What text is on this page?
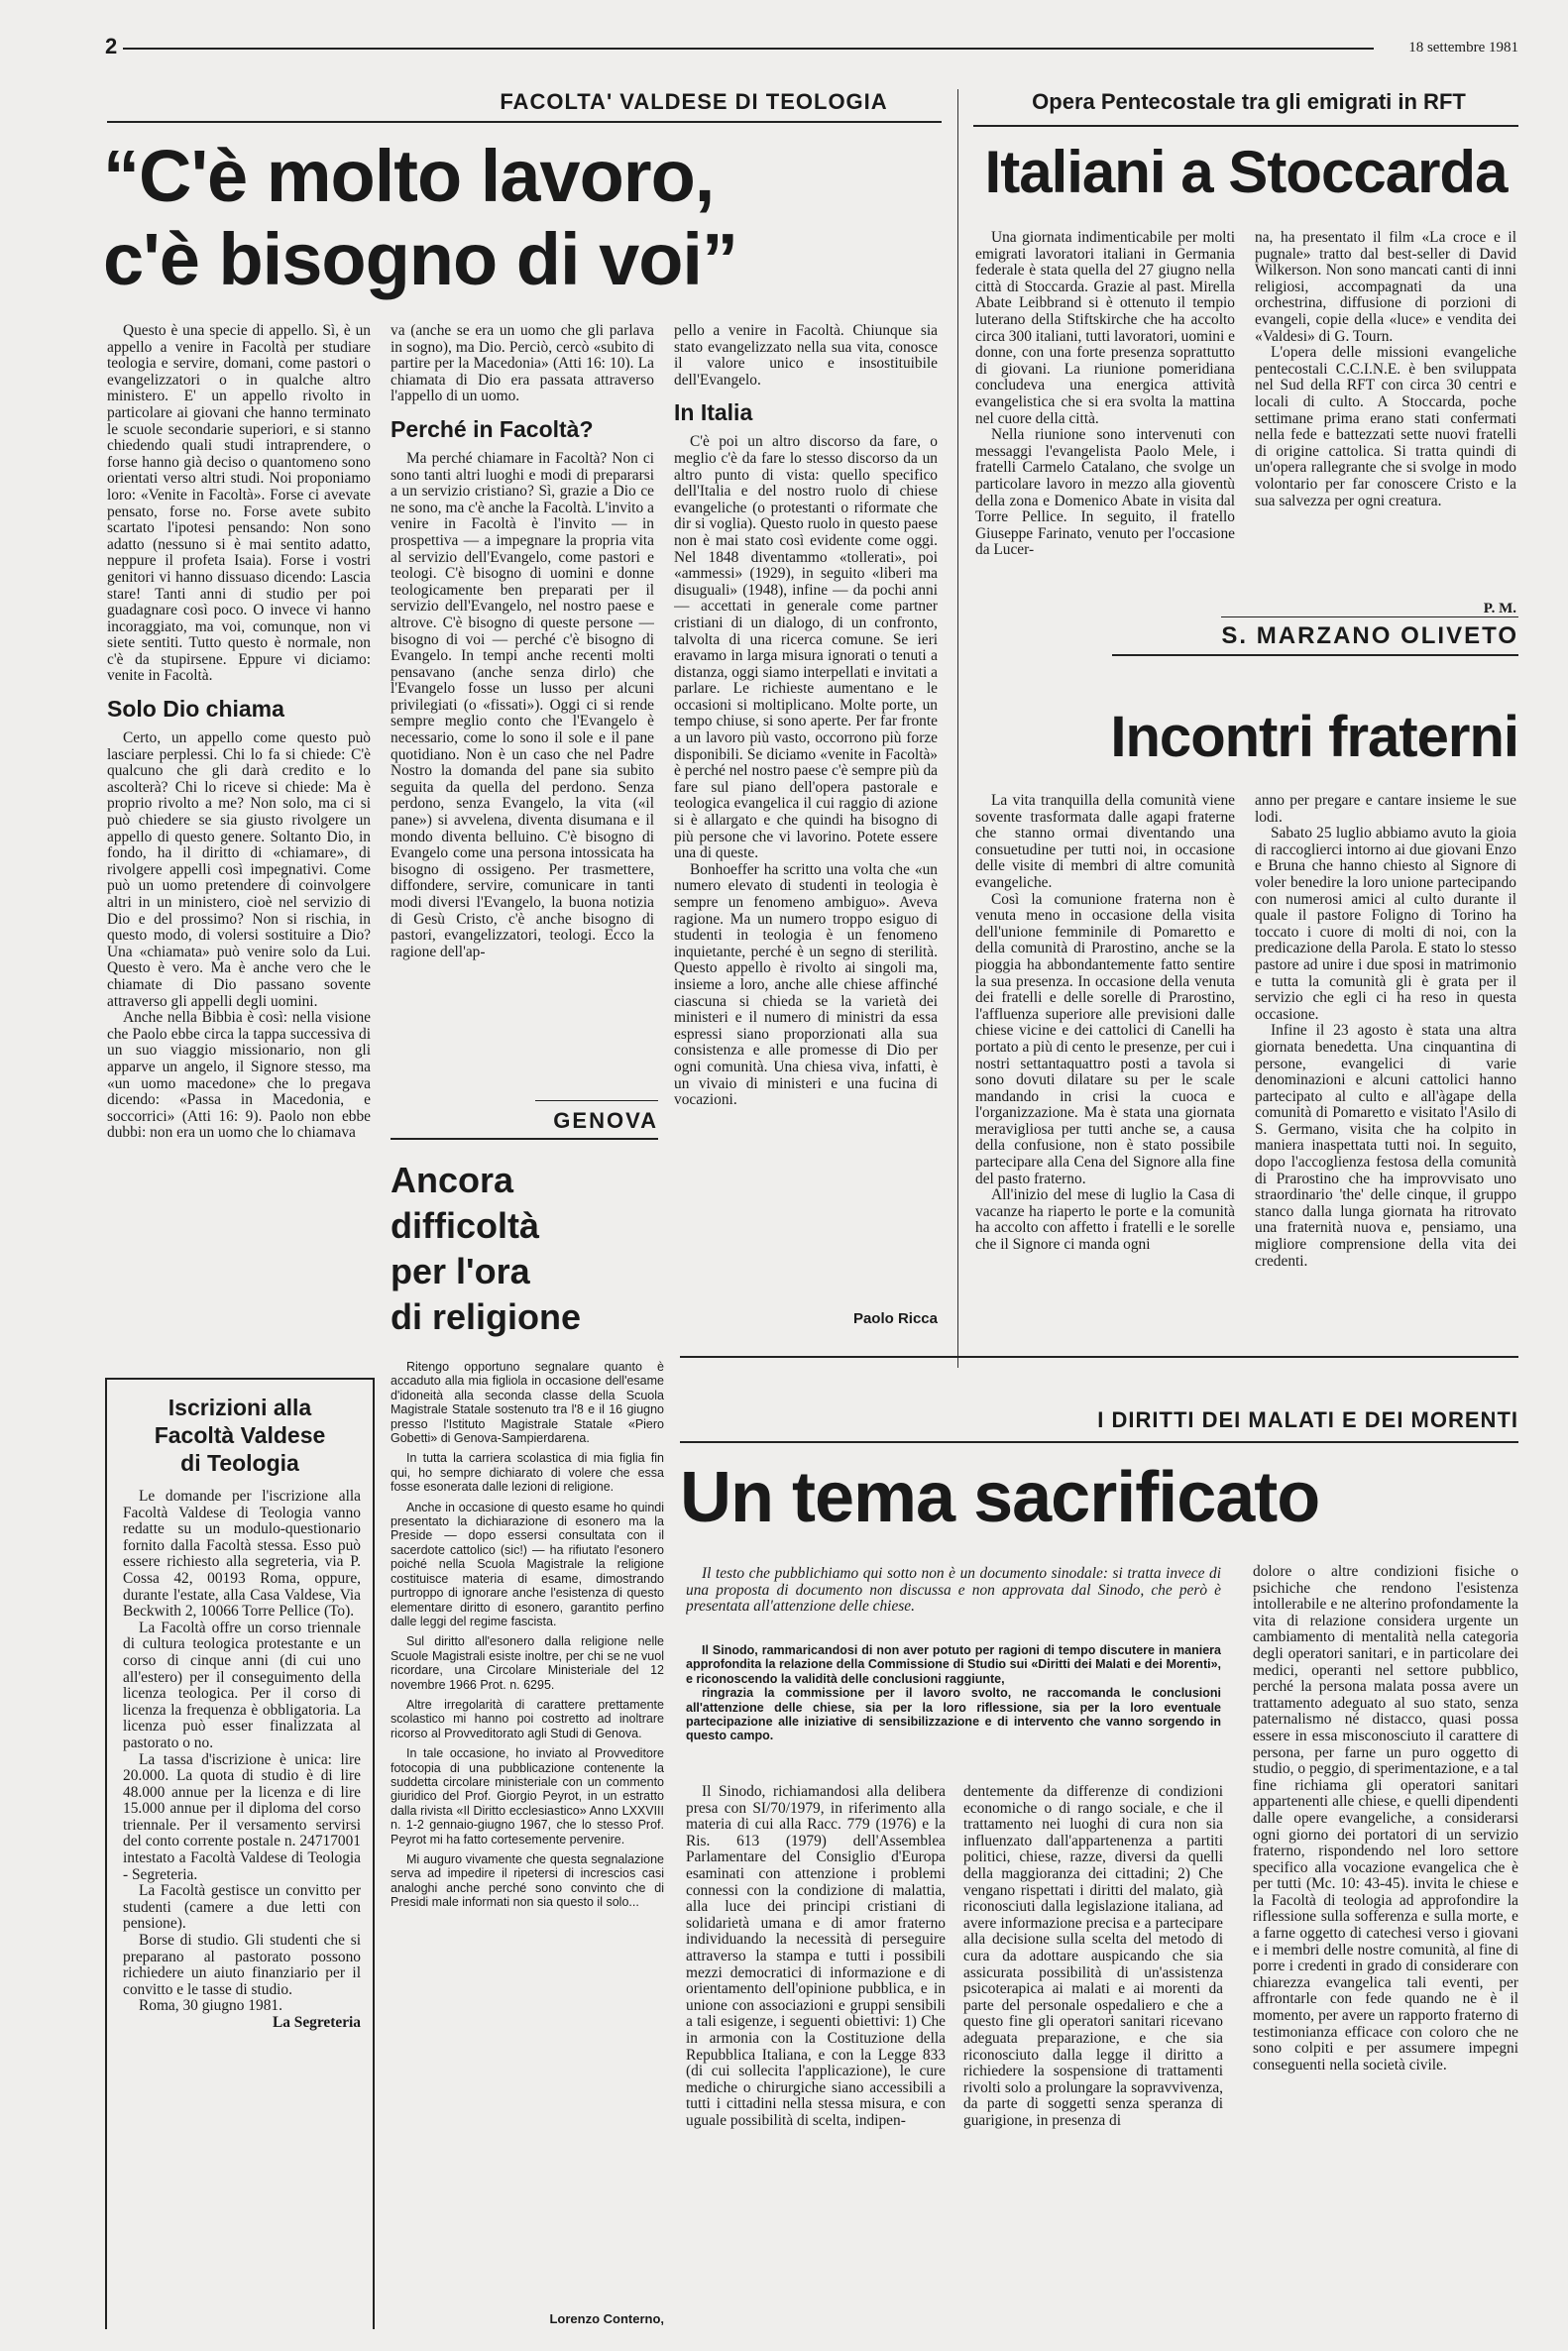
2	18 settembre 1981
FACOLTA' VALDESE DI TEOLOGIA
“C'è molto lavoro,
c'è bisogno di voi”

Questo è una specie di appello. Sì, è un appello a venire in Facoltà per studiare teologia e servire, domani, come pastori o evangelizzatori o in qualche altro ministero. E' un appello rivolto in particolare ai giovani che hanno terminato le scuole secondarie superiori, e si stanno chiedendo quali studi intraprendere, o forse hanno già deciso o quantomeno sono orientati verso altri studi. Noi proponiamo loro: «Venite in Facoltà». Forse ci avevate pensato, forse no. Forse avete subito scartato l'ipotesi pensando: Non sono adatto (nessuno si è mai sentito adatto, neppure il profeta Isaia). Forse i vostri genitori vi hanno dissuaso dicendo: Lascia stare! Tanti anni di studio per poi guadagnare così poco. O invece vi hanno incoraggiato, ma voi, comunque, non vi siete sentiti. Tutto questo è normale, non c'è da stupirsene. Eppure vi diciamo: venite in Facoltà.

Solo Dio chiama

Certo, un appello come questo può lasciare perplessi. Chi lo fa si chiede: C'è qualcuno che gli darà credito e lo ascolterà? Chi lo riceve si chiede: Ma è proprio rivolto a me? Non solo, ma ci si può chiedere se sia giusto rivolgere un appello di questo genere. Soltanto Dio, in fondo, ha il diritto di «chiamare», di rivolgere appelli così impegnativi. Come può un uomo pretendere di coinvolgere altri in un ministero, cioè nel servizio di Dio e del prossimo? Non si rischia, in questo modo, di volersi sostituire a Dio? Una «chiamata» può venire solo da Lui. Questo è vero. Ma è anche vero che le chiamate di Dio passano sovente attraverso gli appelli degli uomini.

Anche nella Bibbia è così: nella visione che Paolo ebbe circa la tappa successiva di un suo viaggio missionario, non gli apparve un angelo, il Signore stesso, ma «un uomo macedone» che lo pregava dicendo: «Passa in Macedonia, e soccorrici» (Atti 16: 9). Paolo non ebbe dubbi: non era un uomo che lo chiamava

va (anche se era un uomo che gli parlava in sogno), ma Dio. Perciò, cercò «subito di partire per la Macedonia» (Atti 16: 10). La chiamata di Dio era passata attraverso l'appello di un uomo.

Perché in Facoltà?

Ma perché chiamare in Facoltà? Non ci sono tanti altri luoghi e modi di prepararsi a un servizio cristiano? Sì, grazie a Dio ce ne sono, ma c'è anche la Facoltà. L'invito a venire in Facoltà è l'invito — in prospettiva — a impegnare la propria vita al servizio dell'Evangelo, come pastori e teologi. C'è bisogno di uomini e donne teologicamente ben preparati per il servizio dell'Evangelo, nel nostro paese e altrove. C'è bisogno di queste persone — bisogno di voi — perché c'è bisogno di Evangelo. In tempi anche recenti molti pensavano (anche senza dirlo) che l'Evangelo fosse un lusso per alcuni privilegiati (o «fissati»). Oggi ci si rende sempre meglio conto che l'Evangelo è necessario, come lo sono il sole e il pane quotidiano. Non è un caso che nel Padre Nostro la domanda del pane sia subito seguita da quella del perdono. Senza perdono, senza Evangelo, la vita («il pane») si avvelena, diventa disumana e il mondo diventa belluino. C'è bisogno di Evangelo come una persona intossicata ha bisogno di ossigeno. Per trasmettere, diffondere, servire, comunicare in tanti modi diversi l'Evangelo, la buona notizia di Gesù Cristo, c'è anche bisogno di pastori, evangelizzatori, teologi. Ecco la ragione dell'ap-

pello a venire in Facoltà. Chiunque sia stato evangelizzato nella sua vita, conosce il valore unico e insostituibile dell'Evangelo.

In Italia

C'è poi un altro discorso da fare, o meglio c'è da fare lo stesso discorso da un altro punto di vista: quello specifico dell'Italia e del nostro ruolo di chiese evangeliche (o protestanti o riformate che dir si voglia). Questo ruolo in questo paese non è mai stato così evidente come oggi. Nel 1848 diventammo «tollerati», poi «ammessi» (1929), in seguito «liberi ma disuguali» (1948), infine — da pochi anni — accettati in generale come partner cristiani di un dialogo, di un confronto, talvolta di una ricerca comune. Se ieri eravamo in larga misura ignorati o tenuti a distanza, oggi siamo interpellati e invitati a parlare. Le richieste aumentano e le occasioni si moltiplicano. Molte porte, un tempo chiuse, si sono aperte. Per far fronte a un lavoro più vasto, occorrono più forze disponibili. Se diciamo «venite in Facoltà» è perché nel nostro paese c'è sempre più da fare sul piano dell'opera pastorale e teologica evangelica il cui raggio di azione si è allargato e che quindi ha bisogno di più persone che vi lavorino. Potete essere una di queste.

Bonhoeffer ha scritto una volta che «un numero elevato di studenti in teologia è sempre un fenomeno ambiguo». Aveva ragione. Ma un numero troppo esiguo di studenti in teologia è un fenomeno inquietante, perché è un segno di sterilità. Questo appello è rivolto ai singoli ma, insieme a loro, anche alle chiese affinché ciascuna si chieda se la varietà dei ministeri e il numero di ministri da essa espressi siano proporzionati alla sua consistenza e alle promesse di Dio per ogni comunità. Una chiesa viva, infatti, è un vivaio di ministeri e una fucina di vocazioni.

Paolo Ricca
Opera Pentecostale tra gli emigrati in RFT
Italiani a Stoccarda

Una giornata indimenticabile per molti emigrati lavoratori italiani in Germania federale è stata quella del 27 giugno nella città di Stoccarda. Grazie al past. Mirella Abate Leibbrand si è ottenuto il tempio luterano della Stiftskirche che ha accolto circa 300 italiani, tutti lavoratori, uomini e donne, con una forte presenza soprattutto di giovani. La riunione pomeridiana concludeva una energica attività evangelistica che si era svolta la mattina nel cuore della città.

Nella riunione sono intervenuti con messaggi l'evangelista Paolo Mele, i fratelli Carmelo Catalano, che svolge un particolare lavoro in mezzo alla gioventù della zona e Domenico Abate in visita dal Torre Pellice. In seguito, il fratello Giuseppe Farinato, venuto per l'occasione da Lucer-

na, ha presentato il film «La croce e il pugnale» tratto dal best-seller di David Wilkerson. Non sono mancati canti di inni religiosi, accompagnati da una orchestrina, diffusione di porzioni di evangeli, copie della «luce» e vendita dei «Valdesi» di G. Tourn.

L'opera delle missioni evangeliche pentecostali C.C.I.N.E. è ben sviluppata nel Sud della RFT con circa 30 centri e locali di culto. A Stoccarda, poche settimane prima erano stati confermati nella fede e battezzati sette nuovi fratelli di origine cattolica. Si tratta quindi di un'opera rallegrante che si svolge in modo volontario per far conoscere Cristo e la sua salvezza per ogni creatura.

P. M.
S. MARZANO OLIVETO
Incontri fraterni

La vita tranquilla della comunità viene sovente trasformata dalle agapi fraterne che stanno ormai diventando una consuetudine per tutti noi, in occasione delle visite di membri di altre comunità evangeliche.

Così la comunione fraterna non è venuta meno in occasione della visita dell'unione femminile di Pomaretto e della comunità di Prarostino, anche se la pioggia ha abbondantemente fatto sentire la sua presenza. In occasione della venuta dei fratelli e delle sorelle di Prarostino, l'affluenza superiore alle previsioni dalle chiese vicine e dei cattolici di Canelli ha portato a più di cento le presenze, per cui i nostri settantaquattro posti a tavola si sono dovuti dilatare su per le scale mandando in crisi la cuoca e l'organizzazione. Ma è stata una giornata meravigliosa per tutti anche se, a causa della confusione, non è stato possibile partecipare alla Cena del Signore alla fine del pasto fraterno.

All'inizio del mese di luglio la Casa di vacanze ha riaperto le porte e la comunità ha accolto con affetto i fratelli e le sorelle che il Signore ci manda ogni

anno per pregare e cantare insieme le sue lodi.

Sabato 25 luglio abbiamo avuto la gioia di raccoglierci intorno ai due giovani Enzo e Bruna che hanno chiesto al Signore di voler benedire la loro unione partecipando con numerosi amici al culto durante il quale il pastore Foligno di Torino ha toccato i cuore di molti di noi, con la predicazione della Parola. E stato lo stesso pastore ad unire i due sposi in matrimonio e tutta la comunità gli è grata per il servizio che egli ci ha reso in questa occasione.

Infine il 23 agosto è stata una altra giornata benedetta. Una cinquantina di persone, evangelici di varie denominazioni e alcuni cattolici hanno partecipato al culto e all'àgape della comunità di Pomaretto e visitato l'Asilo di S. Germano, visita che ha colpito in maniera inaspettata tutti noi. In seguito, dopo l'accoglienza festosa della comunità di Prarostino che ha improvvisato uno straordinario 'the' delle cinque, il gruppo stanco dalla lunga giornata ha ritrovato una fraternità nuova e, pensiamo, una migliore comprensione della vita dei credenti.

Iscrizioni alla
Facoltà Valdese
di Teologia

Le domande per l'iscrizione alla Facoltà Valdese di Teologia vanno redatte su un modulo-questionario fornito dalla Facoltà stessa. Esso può essere richiesto alla segreteria, via P. Cossa 42, 00193 Roma, oppure, durante l'estate, alla Casa Valdese, Via Beckwith 2, 10066 Torre Pellice (To).

La Facoltà offre un corso triennale di cultura teologica protestante e un corso di cinque anni (di cui uno all'estero) per il conseguimento della licenza teologica. Per il corso di licenza la frequenza è obbligatoria. La licenza può esser finalizzata al pastorato o no.

La tassa d'iscrizione è unica: lire 20.000. La quota di studio è di lire 48.000 annue per la licenza e di lire 15.000 annue per il diploma del corso triennale. Per il versamento servirsi del conto corrente postale n. 24717001 intestato a Facoltà Valdese di Teologia - Segreteria.

La Facoltà gestisce un convitto per studenti (camere a due letti con pensione).

Borse di studio. Gli studenti che si preparano al pastorato possono richiedere un aiuto finanziario per il convitto e le tasse di studio.

Roma, 30 giugno 1981.

La Segreteria

GENOVA
Ancora
difficoltà
per l'ora
di religione

Ritengo opportuno segnalare quanto è accaduto alla mia figliola in occasione dell'esame d'idoneità alla seconda classe della Scuola Magistrale Statale sostenuto tra l'8 e il 16 giugno presso l'Istituto Magistrale Statale «Piero Gobetti» di Genova-Sampierdarena.

In tutta la carriera scolastica di mia figlia fin qui, ho sempre dichiarato di volere che essa fosse esonerata dalle lezioni di religione.

Anche in occasione di questo esame ho quindi presentato la dichiarazione di esonero ma la Preside — dopo essersi consultata con il sacerdote cattolico (sic!) — ha rifiutato l'esonero poiché nella Scuola Magistrale la religione costituisce materia di esame, dimostrando purtroppo di ignorare anche l'esistenza di questo elementare diritto di esonero, garantito perfino dalle leggi del regime fascista.

Sul diritto all'esonero dalla religione nelle Scuole Magistrali esiste inoltre, per chi se ne vuol ricordare, una Circolare Ministeriale del 12 novembre 1966 Prot. n. 6295.

Altre irregolarità di carattere prettamente scolastico mi hanno poi costretto ad inoltrare ricorso al Provveditorato agli Studi di Genova.

In tale occasione, ho inviato al Provveditore fotocopia di una pubblicazione contenente la suddetta circolare ministeriale con un commento giuridico del Prof. Giorgio Peyrot, in un estratto dalla rivista «Il Diritto ecclesiastico» Anno LXXVIII n. 1-2 gennaio-giugno 1967, che lo stesso Prof. Peyrot mi ha fatto cortesemente pervenire.

Mi auguro vivamente che questa segnalazione serva ad impedire il ripetersi di increscios casi analoghi anche perché sono convinto che di Presidi male informati non sia questo il solo...

Lorenzo Conterno,
I DIRITTI DEI MALATI E DEI MORENTI
Un tema sacrificato
Il testo che pubblichiamo qui sotto non è un documento sinodale: si tratta invece di una proposta di documento non discussa e non approvata dal Sinodo, che però è presentata all'attenzione delle chiese.

Il Sinodo, rammaricandosi di non aver potuto per ragioni di tempo discutere in maniera approfondita la relazione della Commissione di Studio sui «Diritti dei Malati e dei Morenti», e riconoscendo la validità delle conclusioni raggiunte,

ringrazia la commissione per il lavoro svolto, ne raccomanda le conclusioni all'attenzione delle chiese, sia per la loro riflessione, sia per la loro eventuale partecipazione alle iniziative di sensibilizzazione e di intervento che vanno sorgendo in questo campo.

Il Sinodo, richiamandosi alla delibera presa con SI/70/1979, in riferimento alla materia di cui alla Racc. 779 (1976) e la Ris. 613 (1979) dell'Assemblea Parlamentare del Consiglio d'Europa esaminati con attenzione i problemi connessi con la condizione di malattia, alla luce dei principi cristiani di solidarietà umana e di amor fraterno individuando la necessità di perseguire attraverso la stampa e tutti i possibili mezzi democratici di informazione e di orientamento dell'opinione pubblica, e in unione con associazioni e gruppi sensibili a tali esigenze, i seguenti obiettivi: 1) Che in armonia con la Costituzione della Repubblica Italiana, e con la Legge 833 (di cui sollecita l'applicazione), le cure mediche o chirurgiche siano accessibili a tutti i cittadini nella stessa misura, e con uguale possibilità di scelta, indipen-
dentemente da differenze di condizioni economiche o di rango sociale, e che il trattamento nei luoghi di cura non sia influenzato dall'appartenenza a partiti politici, chiese, razze, diversi da quelli della maggioranza dei cittadini; 2) Che vengano rispettati i diritti del malato, già riconosciuti dalla legislazione italiana, ad avere informazione precisa e a partecipare alla decisione sulla scelta del metodo di cura da adottare auspicando che sia assicurata possibilità di un'assistenza psicoterapica ai malati e ai morenti da parte del personale ospedaliero e che a questo fine gli operatori sanitari ricevano adeguata preparazione, e che sia riconosciuto dalla legge il diritto a richiedere la sospensione di trattamenti rivolti solo a prolungare la sopravvivenza, da parte di soggetti senza speranza di guarigione, in presenza di
dolore o altre condizioni fisiche o psichiche che rendono l'esistenza intollerabile e ne alterino profondamente la vita di relazione considera urgente un cambiamento di mentalità nella categoria degli operatori sanitari, e in particolare dei medici, operanti nel settore pubblico, perché la persona malata possa avere un trattamento adeguato al suo stato, senza paternalismo né distacco, quasi possa essere in essa misconosciuto il carattere di persona, per farne un puro oggetto di studio, o peggio, di sperimentazione, e a tal fine richiama gli operatori sanitari appartenenti alle chiese, e quelli dipendenti dalle opere evangeliche, a considerarsi ogni giorno dei portatori di un servizio fraterno, rispondendo nel loro settore specifico alla vocazione evangelica che è per tutti (Mc. 10: 43-45). invita le chiese e la Facoltà di teologia ad approfondire la riflessione sulla sofferenza e sulla morte, e a farne oggetto di catechesi verso i giovani e i membri delle nostre comunità, al fine di porre i credenti in grado di considerare con chiarezza evangelica tali eventi, per affrontarle con fede quando ne è il momento, per avere un rapporto fraterno di testimonianza efficace con coloro che ne sono colpiti e per assumere impegni conseguenti nella società civile.
